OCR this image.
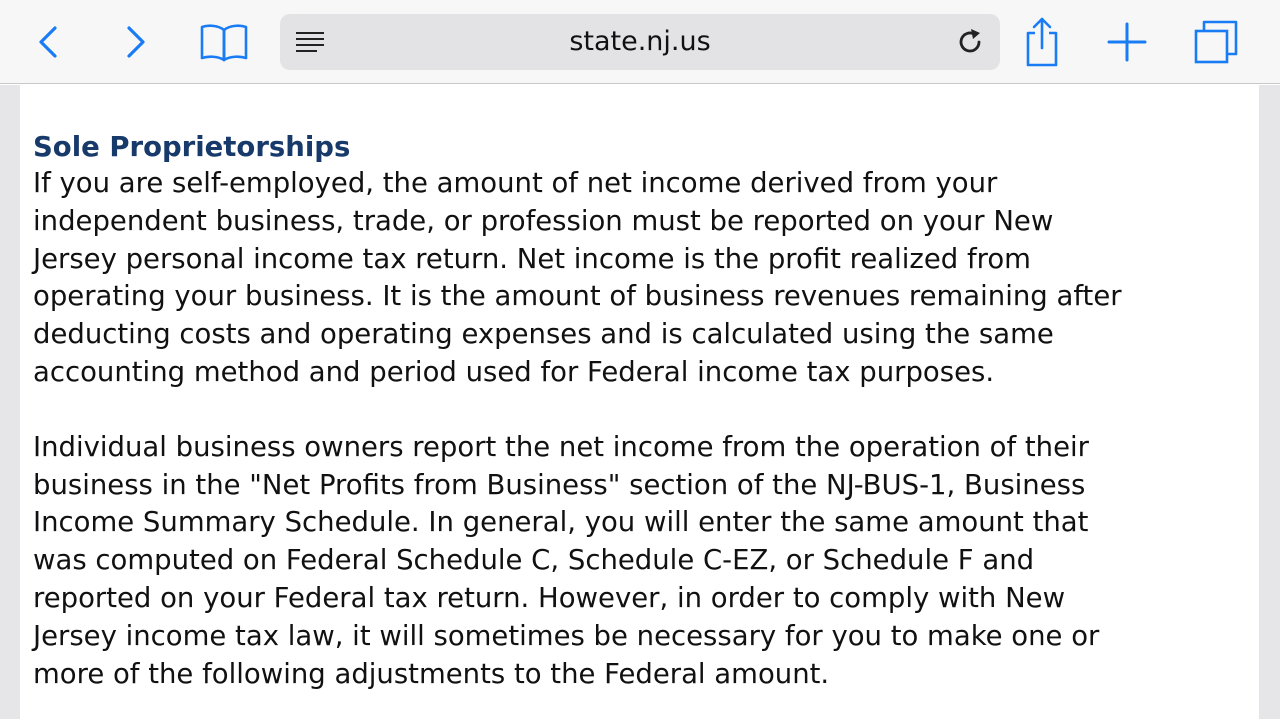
state.nj.us
Sole Proprietorships

If you are self-employed, the amount of net income derived from your
independent business, trade, or profession must be reported on your New
Jersey personal income tax return. Net income is the profit realized from
operating your business. It is the amount of business revenues remaining after
deducting costs and operating expenses and is calculated using the same
accounting method and period used for Federal income tax purposes.

Individual business owners report the net income from the operation of their
business in the "Net Profits from Business" section of the NJ-BUS-1, Business
Income Summary Schedule. In general, you will enter the same amount that
was computed on Federal Schedule C, Schedule C-EZ, or Schedule F and
reported on your Federal tax return. However, in order to comply with New
Jersey income tax law, it will sometimes be necessary for you to make one or
more of the following adjustments to the Federal amount.
